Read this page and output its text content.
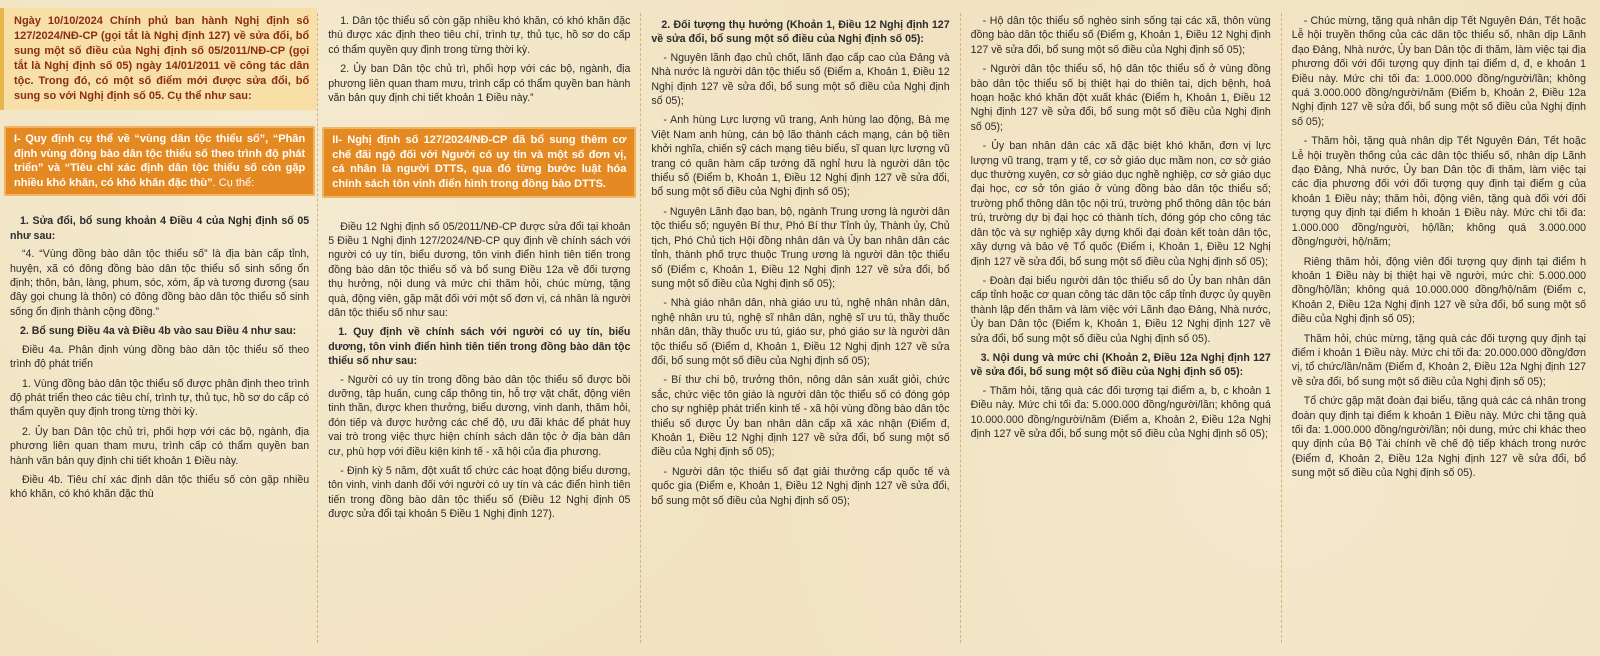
Ngày 10/10/2024 Chính phủ ban hành Nghị định số 127/2024/NĐ-CP (gọi tắt là Nghị định 127) về sửa đổi, bổ sung một số điều của Nghị định số 05/2011/NĐ-CP (gọi tắt là Nghị định số 05) ngày 14/01/2011 về công tác dân tộc. Trong đó, có một số điểm mới được sửa đổi, bổ sung so với Nghị định số 05. Cụ thể như sau:
I- Quy định cụ thể về “vùng dân tộc thiểu số”, “Phân định vùng đồng bào dân tộc thiểu số theo trình độ phát triển” và “Tiêu chí xác định dân tộc thiểu số còn gặp nhiều khó khăn, có khó khăn đặc thù”. Cụ thể:

1. Sửa đổi, bổ sung khoản 4 Điều 4 của Nghị định số 05 như sau:

“4. “Vùng đồng bào dân tộc thiểu số” là địa bàn cấp tỉnh, huyện, xã có đông đồng bào dân tộc thiểu số sinh sống ổn định; thôn, bản, làng, phum, sóc, xóm, ấp và tương đương (sau đây gọi chung là thôn) có đông đồng bào dân tộc thiểu số sinh sống ổn định thành cộng đồng.”

2. Bổ sung Điều 4a và Điều 4b vào sau Điều 4 như sau:

Điều 4a. Phân định vùng đồng bào dân tộc thiểu số theo trình độ phát triển

1. Vùng đồng bào dân tộc thiểu số được phân định theo trình độ phát triển theo các tiêu chí, trình tự, thủ tục, hồ sơ do cấp có thẩm quyền quy định trong từng thời kỳ.

2. Ủy ban Dân tộc chủ trì, phối hợp với các bộ, ngành, địa phương liên quan tham mưu, trình cấp có thẩm quyền ban hành văn bản quy định chi tiết khoản 1 Điều này.

Điều 4b. Tiêu chí xác định dân tộc thiểu số còn gặp nhiều khó khăn, có khó khăn đặc thù

1. Dân tộc thiểu số còn gặp nhiều khó khăn, có khó khăn đặc thù được xác định theo tiêu chí, trình tự, thủ tục, hồ sơ do cấp có thẩm quyền quy định trong từng thời kỳ.

2. Ủy ban Dân tộc chủ trì, phối hợp với các bộ, ngành, địa phương liên quan tham mưu, trình cấp có thẩm quyền ban hành văn bản quy định chi tiết khoản 1 Điều này.”

II- Nghị định số 127/2024/NĐ-CP đã bổ sung thêm cơ chế đãi ngộ đối với Người có uy tín và một số đơn vị, cá nhân là người DTTS, qua đó từng bước luật hóa chính sách tôn vinh điển hình trong đồng bào DTTS.

Điều 12 Nghị định số 05/2011/NĐ-CP được sửa đổi tại khoản 5 Điều 1 Nghị định 127/2024/NĐ-CP quy định về chính sách với người có uy tín, biểu dương, tôn vinh điển hình tiên tiến trong đồng bào dân tộc thiểu số và bổ sung Điều 12a về đối tượng thụ hưởng, nội dung và mức chi thăm hỏi, chúc mừng, tặng quà, động viên, gặp mặt đối với một số đơn vị, cá nhân là người dân tộc thiểu số như sau:

1. Quy định về chính sách với người có uy tín, biểu dương, tôn vinh điển hình tiên tiến trong đồng bào dân tộc thiểu số như sau:

- Người có uy tín trong đồng bào dân tộc thiểu số được bồi dưỡng, tập huấn, cung cấp thông tin, hỗ trợ vật chất, động viên tinh thần, được khen thưởng, biểu dương, vinh danh, thăm hỏi, đón tiếp và được hưởng các chế độ, ưu đãi khác để phát huy vai trò trong việc thực hiện chính sách dân tộc ở địa bàn dân cư, phù hợp với điều kiện kinh tế - xã hội của địa phương.

- Định kỳ 5 năm, đột xuất tổ chức các hoạt động biểu dương, tôn vinh, vinh danh đối với người có uy tín và các điển hình tiên tiến trong đồng bào dân tộc thiểu số (Điều 12 Nghị định 05 được sửa đổi tại khoản 5 Điều 1 Nghị định 127).

2. Đối tượng thụ hưởng (Khoản 1, Điều 12 Nghị định 127 về sửa đổi, bổ sung một số điều của Nghị định số 05):

- Nguyên lãnh đạo chủ chốt, lãnh đạo cấp cao của Đảng và Nhà nước là người dân tộc thiểu số (Điểm a, Khoản 1, Điều 12 Nghị định 127 về sửa đổi, bổ sung một số điều của Nghị định số 05);

- Anh hùng Lực lượng vũ trang, Anh hùng lao động, Bà mẹ Việt Nam anh hùng, cán bộ lão thành cách mạng, cán bộ tiền khởi nghĩa, chiến sỹ cách mạng tiêu biểu, sĩ quan lực lượng vũ trang có quân hàm cấp tướng đã nghỉ hưu là người dân tộc thiểu số (Điểm b, Khoản 1, Điều 12 Nghị định 127 về sửa đổi, bổ sung một số điều của Nghị định số 05);

- Nguyên Lãnh đạo ban, bộ, ngành Trung ương là người dân tộc thiểu số; nguyên Bí thư, Phó Bí thư Tỉnh ủy, Thành ủy, Chủ tịch, Phó Chủ tịch Hội đồng nhân dân và Ủy ban nhân dân các tỉnh, thành phố trực thuộc Trung ương là người dân tộc thiểu số (Điểm c, Khoản 1, Điều 12 Nghị định 127 về sửa đổi, bổ sung một số điều của Nghị định số 05);

- Nhà giáo nhân dân, nhà giáo ưu tú, nghệ nhân nhân dân, nghệ nhân ưu tú, nghệ sĩ nhân dân, nghệ sĩ ưu tú, thầy thuốc nhân dân, thầy thuốc ưu tú, giáo sư, phó giáo sư là người dân tộc thiểu số (Điểm d, Khoản 1, Điều 12 Nghị định 127 về sửa đổi, bổ sung một số điều của Nghị định số 05);

- Bí thư chi bộ, trưởng thôn, nông dân sản xuất giỏi, chức sắc, chức việc tôn giáo là người dân tộc thiểu số có đóng góp cho sự nghiệp phát triển kinh tế - xã hội vùng đồng bào dân tộc thiểu số được Ủy ban nhân dân cấp xã xác nhận (Điểm đ, Khoản 1, Điều 12 Nghị định 127 về sửa đổi, bổ sung một số điều của Nghị định số 05);

- Người dân tộc thiểu số đạt giải thưởng cấp quốc tế và quốc gia (Điểm e, Khoản 1, Điều 12 Nghị định 127 về sửa đổi, bổ sung một số điều của Nghị định số 05);

- Hộ dân tộc thiểu số nghèo sinh sống tại các xã, thôn vùng đồng bào dân tộc thiểu số (Điểm g, Khoản 1, Điều 12 Nghị định 127 về sửa đổi, bổ sung một số điều của Nghị định số 05);

- Người dân tộc thiểu số, hộ dân tộc thiểu số ở vùng đồng bào dân tộc thiểu số bị thiệt hại do thiên tai, dịch bệnh, hoả hoạn hoặc khó khăn đột xuất khác (Điểm h, Khoản 1, Điều 12 Nghị định 127 về sửa đổi, bổ sung một số điều của Nghị định số 05);

- Ủy ban nhân dân các xã đặc biệt khó khăn, đơn vị lực lượng vũ trang, trạm y tế, cơ sở giáo dục mầm non, cơ sở giáo dục thường xuyên, cơ sở giáo dục nghề nghiệp, cơ sở giáo dục đại học, cơ sở tôn giáo ở vùng đồng bào dân tộc thiểu số; trường phổ thông dân tộc nội trú, trường phổ thông dân tộc bán trú, trường dự bị đại học có thành tích, đóng góp cho công tác dân tộc và sự nghiệp xây dựng khối đại đoàn kết toàn dân tộc, xây dựng và bảo vệ Tổ quốc (Điểm i, Khoản 1, Điều 12 Nghị định 127 về sửa đổi, bổ sung một số điều của Nghị định số 05);

- Đoàn đại biểu người dân tộc thiểu số do Ủy ban nhân dân cấp tỉnh hoặc cơ quan công tác dân tộc cấp tỉnh được ủy quyền thành lập đến thăm và làm việc với Lãnh đạo Đảng, Nhà nước, Ủy ban Dân tộc (Điểm k, Khoản 1, Điều 12 Nghị định 127 về sửa đổi, bổ sung một số điều của Nghị định số 05).

3. Nội dung và mức chi (Khoản 2, Điều 12a Nghị định 127 về sửa đổi, bổ sung một số điều của Nghị định số 05):

- Thăm hỏi, tặng quà các đối tượng tại điểm a, b, c khoản 1 Điều này. Mức chi tối đa: 5.000.000 đồng/người/lần; không quá 10.000.000 đồng/người/năm (Điểm a, Khoản 2, Điều 12a Nghị định 127 về sửa đổi, bổ sung một số điều của Nghị định số 05);

- Chúc mừng, tặng quà nhân dịp Tết Nguyên Đán, Tết hoặc Lễ hội truyền thống của các dân tộc thiểu số, nhân dịp Lãnh đạo Đảng, Nhà nước, Ủy ban Dân tộc đi thăm, làm việc tại địa phương đối với đối tượng quy định tại điểm d, đ, e khoản 1 Điều này. Mức chi tối đa: 1.000.000 đồng/người/lần; không quá 3.000.000 đồng/người/năm (Điểm b, Khoản 2, Điều 12a Nghị định 127 về sửa đổi, bổ sung một số điều của Nghị định số 05);

- Thăm hỏi, tặng quà nhân dịp Tết Nguyên Đán, Tết hoặc Lễ hội truyền thống của các dân tộc thiểu số, nhân dịp Lãnh đạo Đảng, Nhà nước, Ủy ban Dân tộc đi thăm, làm việc tại các địa phương đối với đối tượng quy định tại điểm g của khoản 1 Điều này; thăm hỏi, động viên, tặng quà đối với đối tượng quy định tại điểm h khoản 1 Điều này. Mức chi tối đa: 1.000.000 đồng/người, hộ/lần; không quá 3.000.000 đồng/người, hộ/năm;

Riêng thăm hỏi, động viên đối tượng quy định tại điểm h khoản 1 Điều này bị thiệt hại về người, mức chi: 5.000.000 đồng/hộ/lần; không quá 10.000.000 đồng/hộ/năm (Điểm c, Khoản 2, Điều 12a Nghị định 127 về sửa đổi, bổ sung một số điều của Nghị định số 05);

Thăm hỏi, chúc mừng, tặng quà các đối tượng quy định tại điểm i khoản 1 Điều này. Mức chi tối đa: 20.000.000 đồng/đơn vị, tổ chức/lần/năm (Điểm đ, Khoản 2, Điều 12a Nghị định 127 về sửa đổi, bổ sung một số điều của Nghị định số 05);

Tổ chức gặp mặt đoàn đại biểu, tặng quà các cá nhân trong đoàn quy định tại điểm k khoản 1 Điều này. Mức chi tặng quà tối đa: 1.000.000 đồng/người/lần; nội dung, mức chi khác theo quy định của Bộ Tài chính về chế độ tiếp khách trong nước (Điểm đ, Khoản 2, Điều 12a Nghị định 127 về sửa đổi, bổ sung một số điều của Nghị định số 05).
